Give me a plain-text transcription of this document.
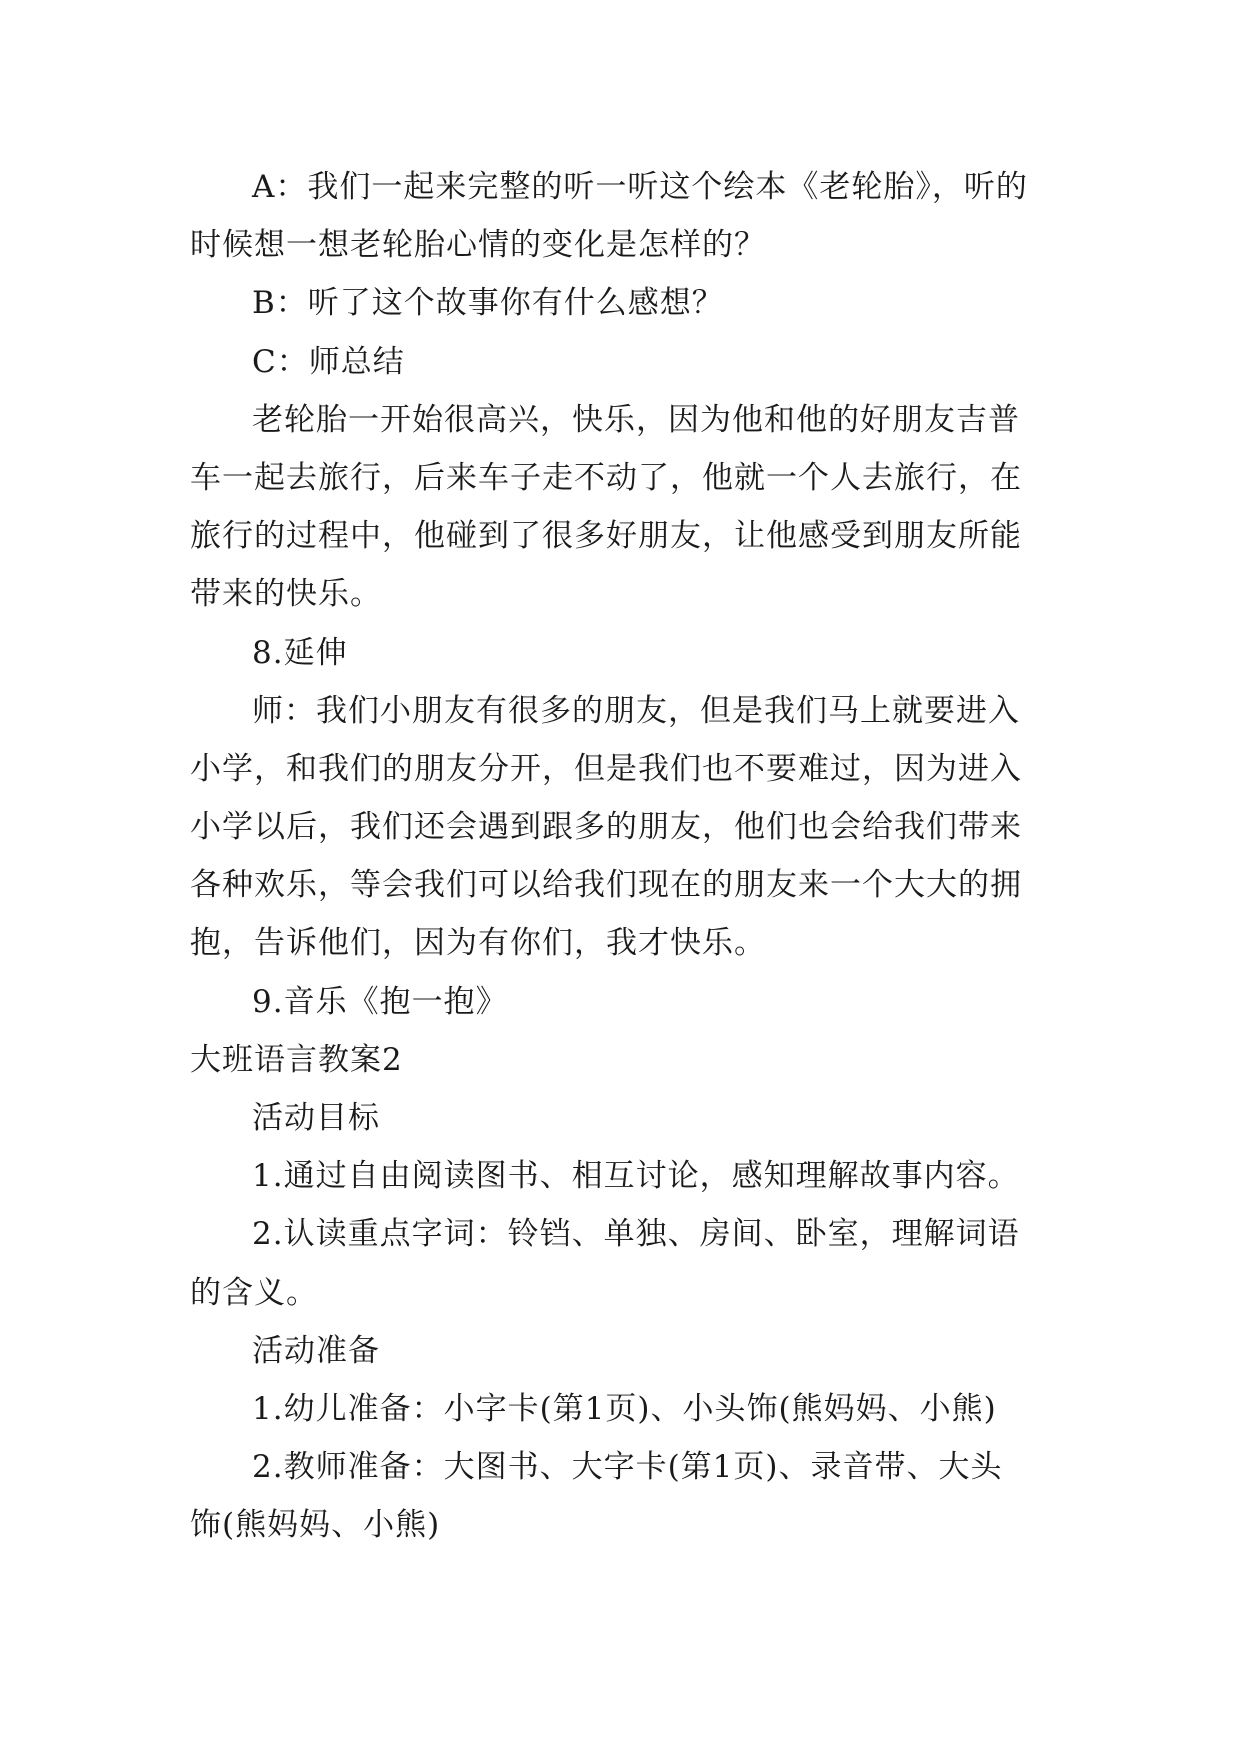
A：我们一起来完整的听一听这个绘本《老轮胎》，听的
时候想一想老轮胎心情的变化是怎样的？
B：听了这个故事你有什么感想？
C：师总结
老轮胎一开始很高兴，快乐，因为他和他的好朋友吉普
车一起去旅行，后来车子走不动了，他就一个人去旅行，在
旅行的过程中，他碰到了很多好朋友，让他感受到朋友所能
带来的快乐。
8.延伸
师：我们小朋友有很多的朋友，但是我们马上就要进入
小学，和我们的朋友分开，但是我们也不要难过，因为进入
小学以后，我们还会遇到跟多的朋友，他们也会给我们带来
各种欢乐，等会我们可以给我们现在的朋友来一个大大的拥
抱，告诉他们，因为有你们，我才快乐。
9.音乐《抱一抱》
大班语言教案2
活动目标
1.通过自由阅读图书、相互讨论，感知理解故事内容。
2.认读重点字词：铃铛、单独、房间、卧室，理解词语
的含义。
活动准备
1.幼儿准备：小字卡(第1页)、小头饰(熊妈妈、小熊)
2.教师准备：大图书、大字卡(第1页)、录音带、大头
饰(熊妈妈、小熊)
